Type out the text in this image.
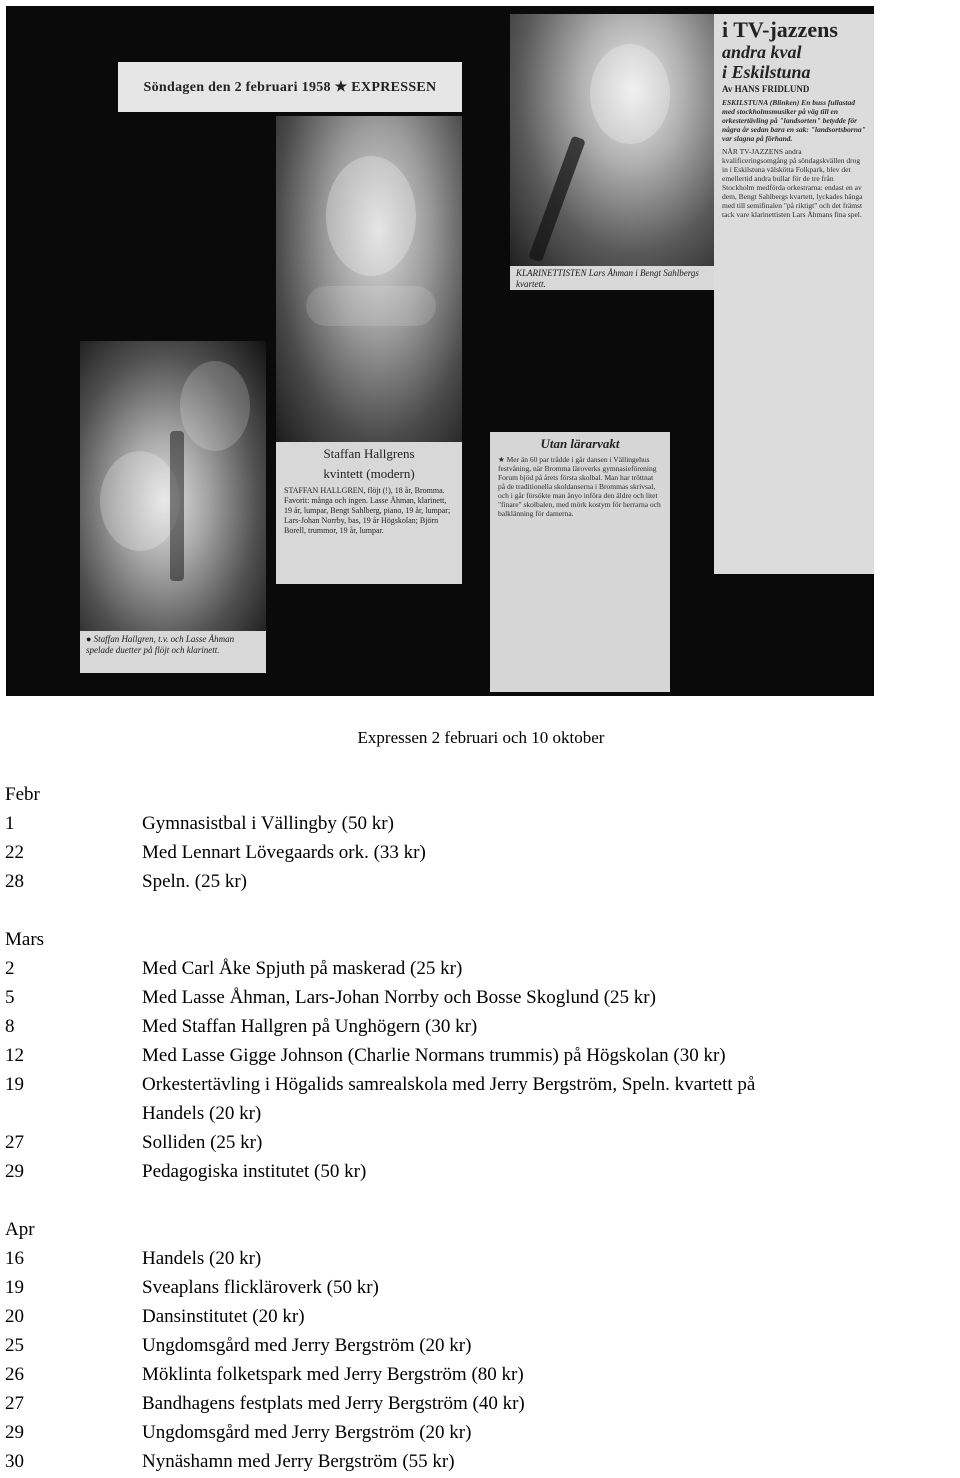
Söndagen den 2 februari 1958 ★ EXPRESSEN
Staffan Hallgrens
kvintett (modern)
STAFFAN HALLGREN, flöjt (!), 18 år, Bromma. Favorit: många och ingen. Lasse Åhman, klarinett, 19 år, lumpar, Bengt Sahlberg, piano, 19 år, lumpar; Lars-Johan Norrby, bas, 19 år Högskolan; Björn Borell, trummor, 19 år, lumpar.
● Staffan Hallgren, t.v. och Lasse Åhman spelade duetter på flöjt och klarinett.
KLARINETTISTEN Lars Åhman i Bengt Sahlbergs kvartett.
i TV-jazzens
andra kval
i Eskilstuna
Av HANS FRIDLUND
ESKILSTUNA (Blinken) En buss fullastad med stockholmsmusiker på väg till en orkestertävling på "landsorten" betydde för några år sedan bara en sak: "landsortsborna" var slagna på förhand.
NÄR TV-JAZZENS andra kvalificeringsomgång på söndagskvällen drog in i Eskilstuna välskötta Folkpark, blev det emellertid andra bullar för de tre från Stockholm medförda orkestrarna: endast en av dem, Bengt Sahlbergs kvartett, lyckades hänga med till semifinalen "på riktigt" och det främst tack vare klarinettisten Lars Åhmans fina spel.
Utan lärarvakt
★ Mer än 60 par trådde i går dansen i Vällingehus festvåning, när Bromma läroverks gymnasieförening Forum bjöd på årets första skolbal. Man har tröttnat på de traditionella skoldanserna i Brommas skrivsal, och i går försökte man ånyo införa den äldre och litet "finare" skolbalen, med mörk kostym för herrarna och balklänning för damerna.
Expressen 2 februari och 10 oktober
Febr
1	Gymnasistbal i Vällingby (50 kr)
22	Med Lennart Lövegaards ork. (33 kr)
28	Speln. (25 kr)
Mars
2	Med Carl Åke Spjuth på maskerad (25 kr)
5	Med Lasse Åhman, Lars-Johan Norrby och Bosse Skoglund (25 kr)
8	Med Staffan Hallgren på Unghögern (30 kr)
12	Med Lasse Gigge Johnson (Charlie Normans trummis) på Högskolan (30 kr)
19	Orkestertävling i Högalids samrealskola med Jerry Bergström, Speln. kvartett på
Handels (20 kr)
27	Solliden (25 kr)
29	Pedagogiska institutet (50 kr)
Apr
16	Handels (20 kr)
19	Sveaplans flickläroverk (50 kr)
20	Dansinstitutet (20 kr)
25	Ungdomsgård med Jerry Bergström (20 kr)
26	Möklinta folketspark med Jerry Bergström (80 kr)
27	Bandhagens festplats med Jerry Bergström (40 kr)
29	Ungdomsgård med Jerry Bergström (20 kr)
30	Nynäshamn med Jerry Bergström (55 kr)
